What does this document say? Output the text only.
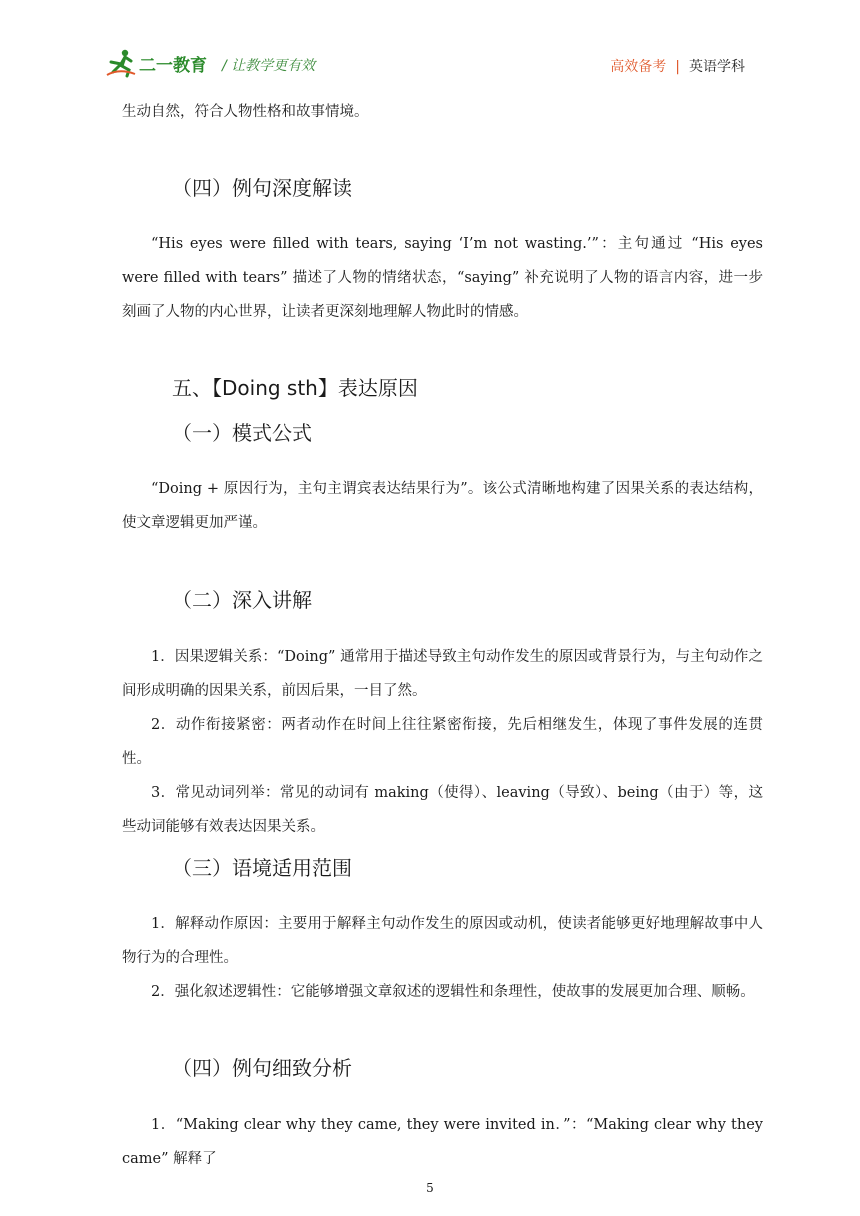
二一教育 / 让教学更有效	高效备考 | 英语学科
生动自然，符合人物性格和故事情境。
（四）例句深度解读
“His eyes were filled with tears, saying ‘I’m not wasting.’”：主句通过 “His eyes were filled with tears” 描述了人物的情绪状态，“saying” 补充说明了人物的语言内容，进一步刻画了人物的内心世界，让读者更深刻地理解人物此时的情感。
五、【Doing sth】表达原因
（一）模式公式
“Doing + 原因行为，主句主谓宾表达结果行为”。该公式清晰地构建了因果关系的表达结构，使文章逻辑更加严谨。
（二）深入讲解
1．因果逻辑关系：“Doing” 通常用于描述导致主句动作发生的原因或背景行为，与主句动作之间形成明确的因果关系，前因后果，一目了然。
2．动作衔接紧密：两者动作在时间上往往紧密衔接，先后相继发生，体现了事件发展的连贯性。
3．常见动词列举：常见的动词有 making（使得）、leaving（导致）、being（由于）等，这些动词能够有效表达因果关系。
（三）语境适用范围
1．解释动作原因：主要用于解释主句动作发生的原因或动机，使读者能够更好地理解故事中人物行为的合理性。
2．强化叙述逻辑性：它能够增强文章叙述的逻辑性和条理性，使故事的发展更加合理、顺畅。
（四）例句细致分析
1．“Making clear why they came, they were invited in．”：“Making clear why they came” 解释了
5
